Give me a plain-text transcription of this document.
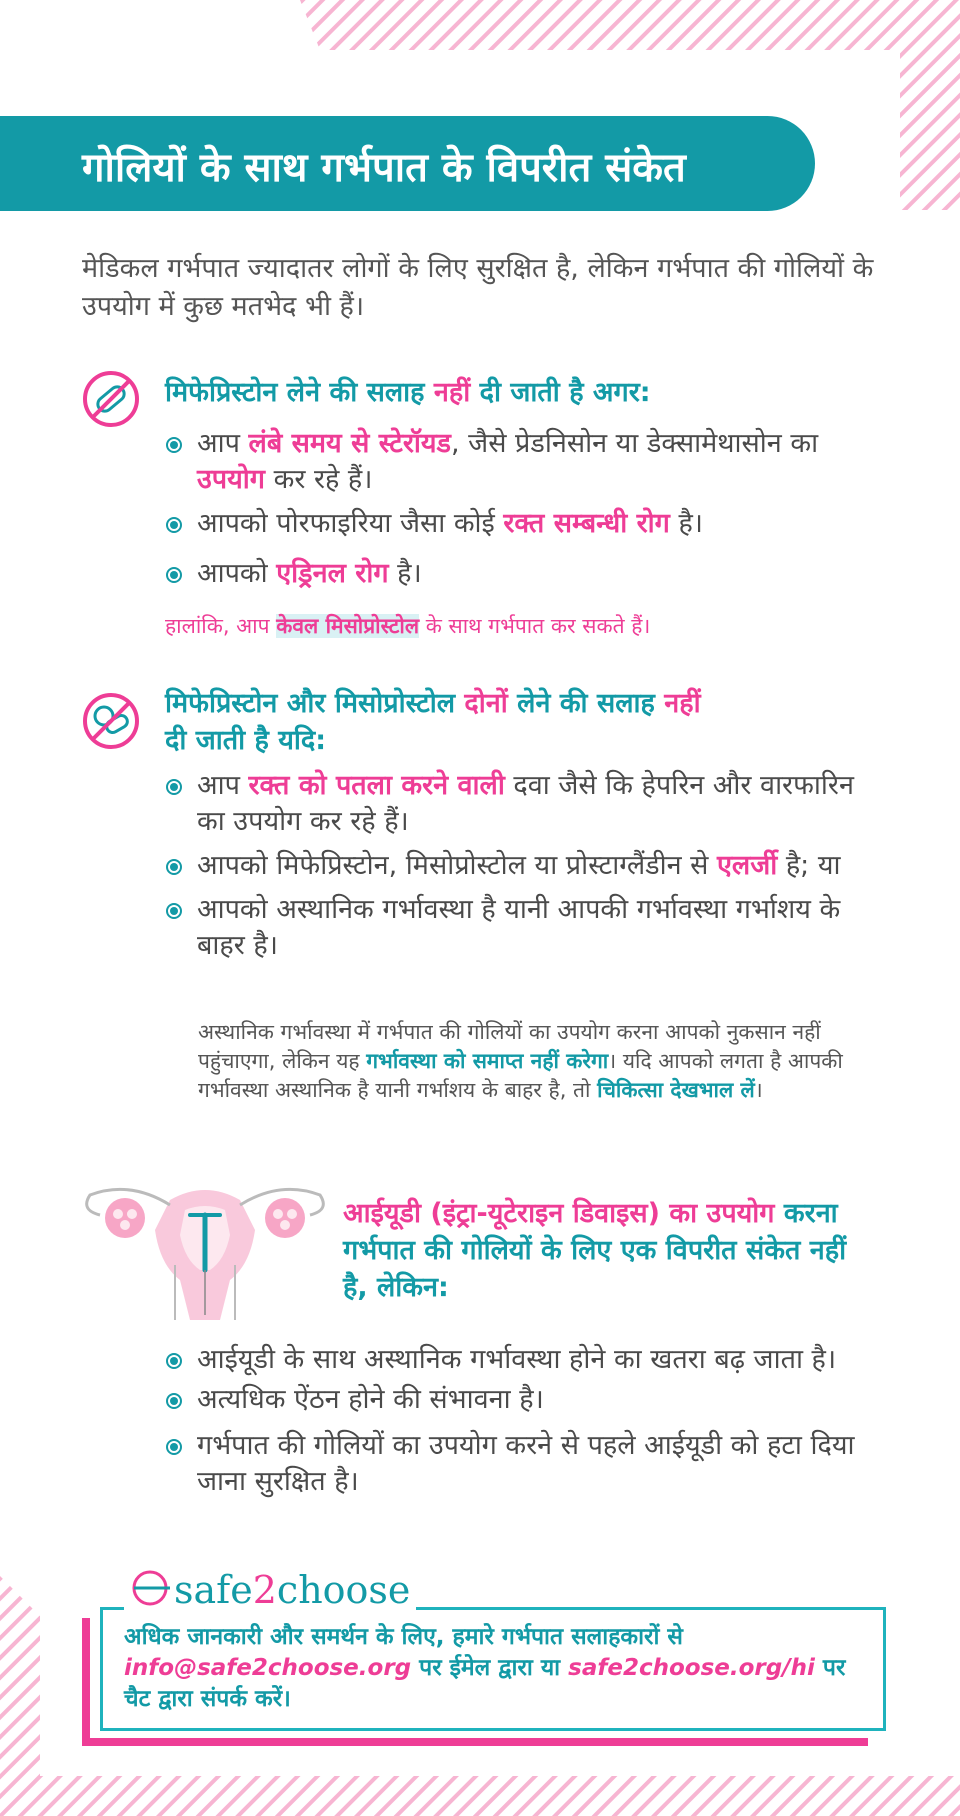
गोलियों के साथ गर्भपात के विपरीत संकेत
मेडिकल गर्भपात ज्यादातर लोगों के लिए सुरक्षित है, लेकिन गर्भपात की गोलियों के उपयोग में कुछ मतभेद भी हैं।
मिफेप्रिस्टोन लेने की सलाह नहीं दी जाती है अगर:
आप लंबे समय से स्टेरॉयड, जैसे प्रेडनिसोन या डेक्सामेथासोन का उपयोग कर रहे हैं।
आपको पोरफाइरिया जैसा कोई रक्त सम्बन्धी रोग है।
आपको एड्रिनल रोग है।
हालांकि, आप केवल मिसोप्रोस्टोल के साथ गर्भपात कर सकते हैं।
मिफेप्रिस्टोन और मिसोप्रोस्टोल दोनों लेने की सलाह नहीं
दी जाती है यदि:
आप रक्त को पतला करने वाली दवा जैसे कि हेपरिन और वारफारिन का उपयोग कर रहे हैं।
आपको मिफेप्रिस्टोन, मिसोप्रोस्टोल या प्रोस्टाग्लैंडीन से एलर्जी है; या
आपको अस्थानिक गर्भावस्था है यानी आपकी गर्भावस्था गर्भाशय के बाहर है।
अस्थानिक गर्भावस्था में गर्भपात की गोलियों का उपयोग करना आपको नुकसान नहीं पहुंचाएगा, लेकिन यह गर्भावस्था को समाप्त नहीं करेगा। यदि आपको लगता है आपकी गर्भावस्था अस्थानिक है यानी गर्भाशय के बाहर है, तो चिकित्सा देखभाल लें।
आईयूडी (इंट्रा-यूटेराइन डिवाइस) का उपयोग करना गर्भपात की गोलियों के लिए एक विपरीत संकेत नहीं है, लेकिन:
आईयूडी के साथ अस्थानिक गर्भावस्था होने का खतरा बढ़ जाता है।
अत्यधिक ऐंठन होने की संभावना है।
गर्भपात की गोलियों का उपयोग करने से पहले आईयूडी को हटा दिया जाना सुरक्षित है।
safe2choose
अधिक जानकारी और समर्थन के लिए, हमारे गर्भपात सलाहकारों से info@safe2choose.org पर ईमेल द्वारा या safe2choose.org/hi पर चैट द्वारा संपर्क करें।
